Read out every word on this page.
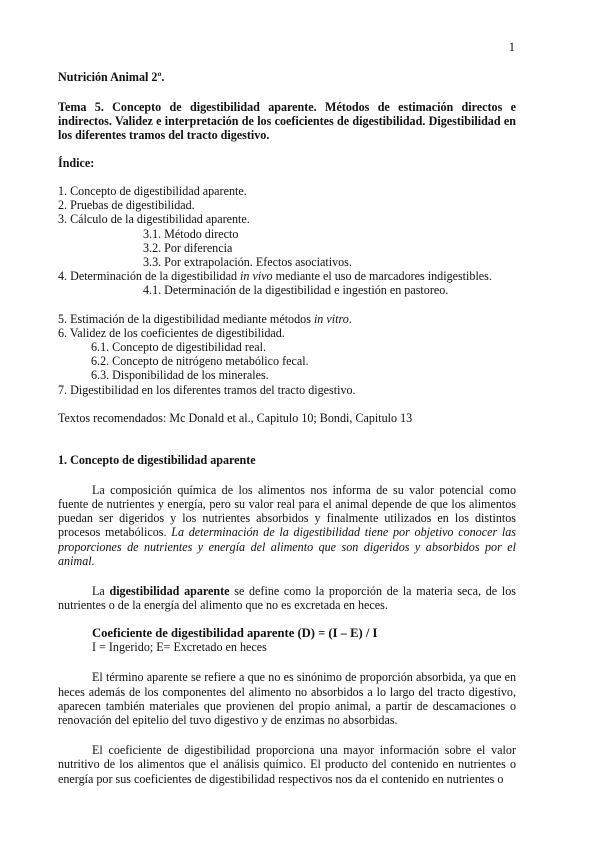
1

Nutrición Animal 2º.

Tema 5. Concepto de digestibilidad aparente. Métodos de estimación directos e indirectos. Validez e interpretación de los coeficientes de digestibilidad. Digestibilidad en los diferentes tramos del tracto digestivo.

Índice:

1. Concepto de digestibilidad aparente.
2. Pruebas de digestibilidad.
3. Cálculo de la digestibilidad aparente.
3.1. Método directo
3.2. Por diferencia
3.3. Por extrapolación. Efectos asociativos.
4. Determinación de la digestibilidad in vivo mediante el uso de marcadores indigestibles.
4.1. Determinación de la digestibilidad e ingestión en pastoreo.
5. Estimación de la digestibilidad mediante métodos in vitro.
6. Validez de los coeficientes de digestibilidad.
6.1. Concepto de digestibilidad real.
6.2. Concepto de nitrógeno metabólico fecal.
6.3. Disponibilidad de los minerales.
7. Digestibilidad en los diferentes tramos del tracto digestivo.

Textos recomendados: Mc Donald et al., Capitulo 10; Bondi, Capitulo 13

1. Concepto de digestibilidad aparente

La composición química de los alimentos nos informa de su valor potencial como fuente de nutrientes y energía, pero su valor real para el animal depende de que los alimentos puedan ser digeridos y los nutrientes absorbidos y finalmente utilizados en los distintos procesos metabólicos. La determinación de la digestibilidad tiene por objetivo conocer las proporciones de nutrientes y energía del alimento que son digeridos y absorbidos por el animal.

La digestibilidad aparente se define como la proporción de la materia seca, de los nutrientes o de la energía del alimento que no es excretada en heces.

Coeficiente de digestibilidad aparente (D) = (I – E) / I
I = Ingerido; E= Excretado en heces

El término aparente se refiere a que no es sinónimo de proporción absorbida, ya que en heces además de los componentes del alimento no absorbidos a lo largo del tracto digestivo, aparecen también materiales que provienen del propio animal, a partir de descamaciones o renovación del epitelio del tuvo digestivo y de enzimas no absorbidas.

El coeficiente de digestibilidad proporciona una mayor información sobre el valor nutritivo de los alimentos que el análisis químico. El producto del contenido en nutrientes o energía por sus coeficientes de digestibilidad respectivos nos da el contenido en nutrientes o
